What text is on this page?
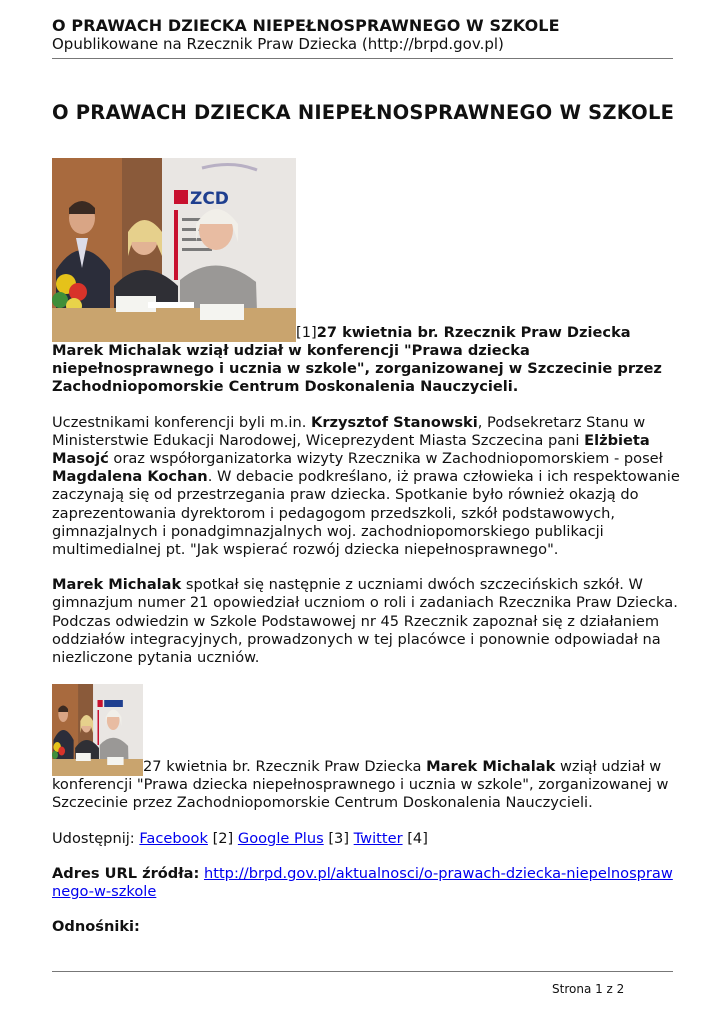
O PRAWACH DZIECKA NIEPEŁNOSPRAWNEGO W SZKOLE
Opublikowane na Rzecznik Praw Dziecka (http://brpd.gov.pl)
O PRAWACH DZIECKA NIEPEŁNOSPRAWNEGO W SZKOLE

ZCD
[1]27 kwietnia br. Rzecznik Praw Dziecka Marek Michalak wziął udział w konferencji "Prawa dziecka niepełnosprawnego i ucznia w szkole", zorganizowanej w Szczecinie przez Zachodniopomorskie Centrum Doskonalenia Nauczycieli.

Uczestnikami konferencji byli m.in. Krzysztof Stanowski, Podsekretarz Stanu w Ministerstwie Edukacji Narodowej, Wiceprezydent Miasta Szczecina pani Elżbieta Masojć oraz współorganizatorka wizyty Rzecznika w Zachodniopomorskiem - poseł Magdalena Kochan. W debacie podkreślano, iż prawa człowieka i ich respektowanie zaczynają się od przestrzegania praw dziecka. Spotkanie było również okazją do zaprezentowania dyrektorom i pedagogom przedszkoli, szkół podstawowych, gimnazjalnych i ponadgimnazjalnych woj. zachodniopomorskiego publikacji multimedialnej pt. "Jak wspierać rozwój dziecka niepełnosprawnego".

Marek Michalak spotkał się następnie z uczniami dwóch szczecińskich szkół. W gimnazjum numer 21 opowiedział uczniom o roli i zadaniach Rzecznika Praw Dziecka. Podczas odwiedzin w Szkole Podstawowej nr 45 Rzecznik zapoznał się z działaniem oddziałów integracyjnych, prowadzonych w tej placówce i ponownie odpowiadał na niezliczone pytania uczniów.

27 kwietnia br. Rzecznik Praw Dziecka Marek Michalak wziął udział w konferencji "Prawa dziecka niepełnosprawnego i ucznia w szkole", zorganizowanej w Szczecinie przez Zachodniopomorskie Centrum Doskonalenia Nauczycieli.

Udostępnij: Facebook [2] Google Plus [3] Twitter [4]

Adres URL źródła: http://brpd.gov.pl/aktualnosci/o-prawach-dziecka-niepelnosprawnego-w-szkole

Odnośniki:

Strona 1 z 2
